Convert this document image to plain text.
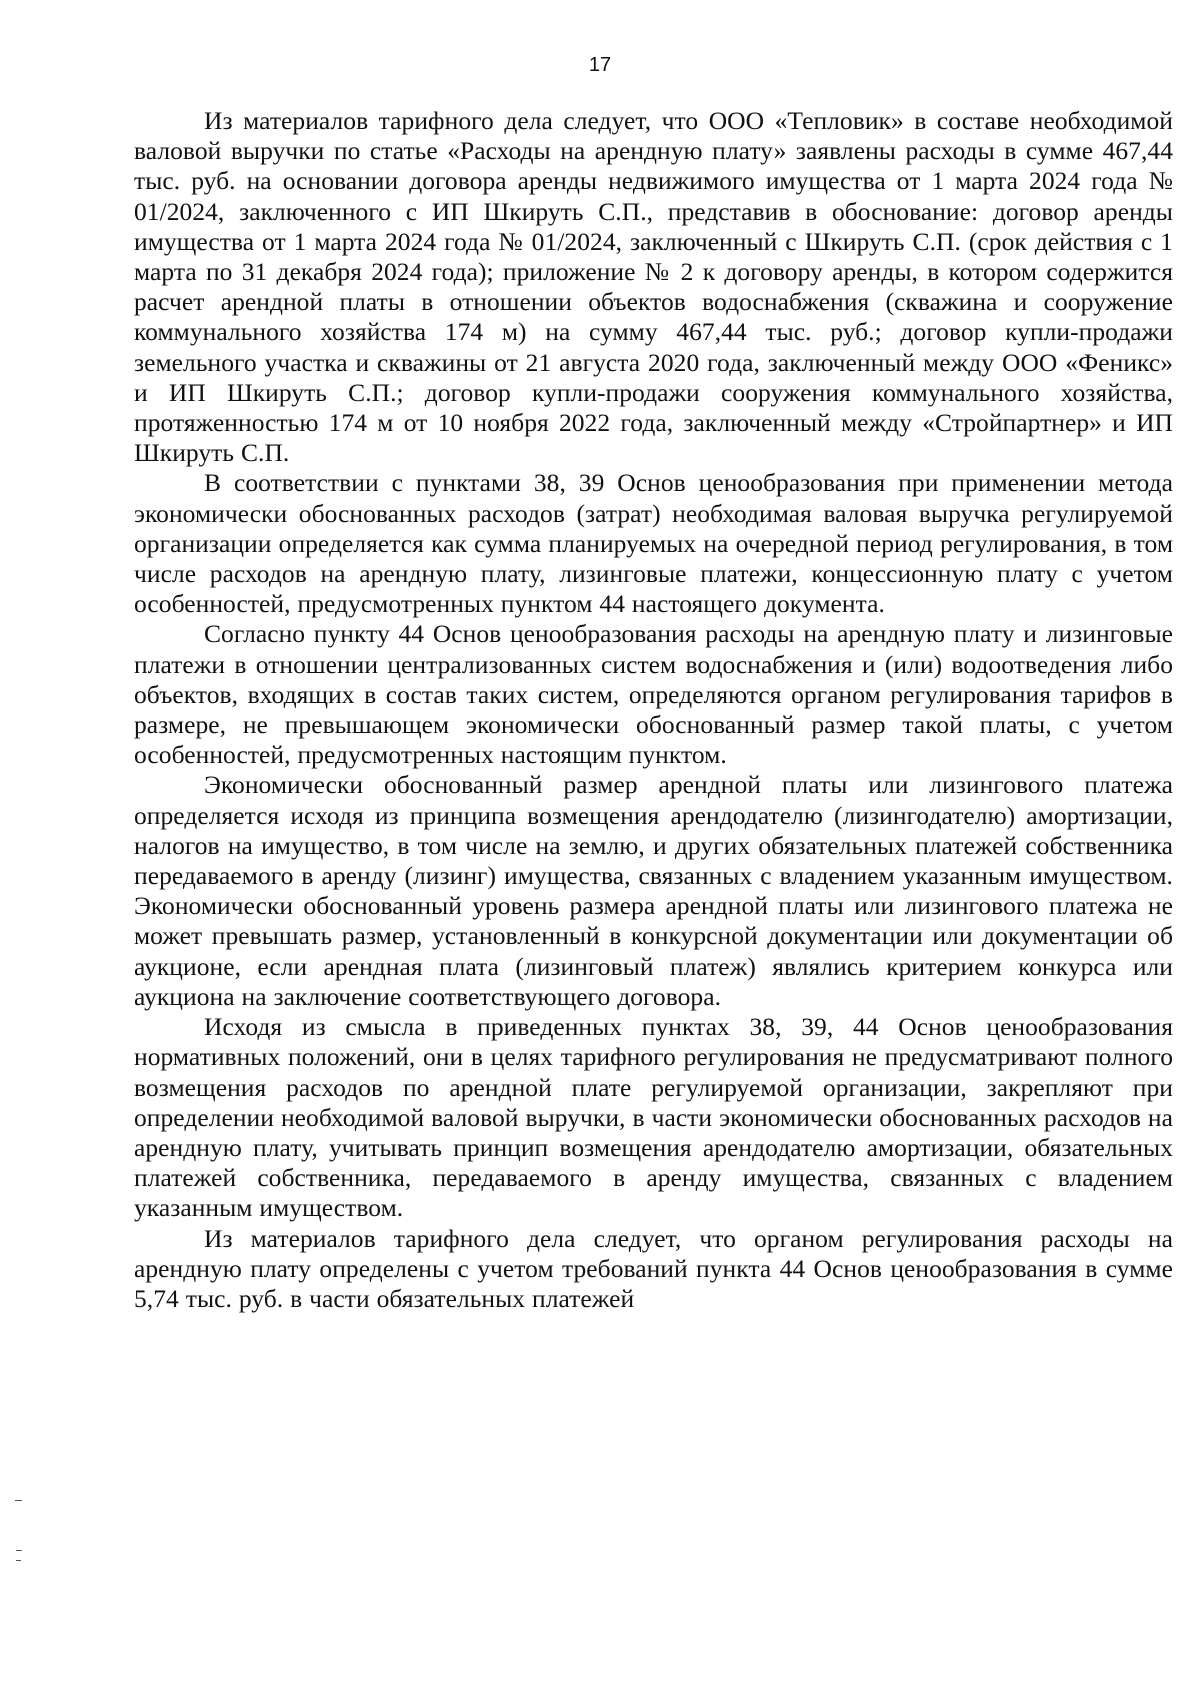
17

Из материалов тарифного дела следует, что ООО «Тепловик» в составе необходимой валовой выручки по статье «Расходы на арендную плату» заявлены расходы в сумме 467,44 тыс. руб. на основании договора аренды недвижимого имущества от 1 марта 2024 года № 01/2024, заключенного с ИП Шкируть С.П., представив в обоснование: договор аренды имущества от 1 марта 2024 года № 01/2024, заключенный с Шкируть С.П. (срок действия с 1 марта по 31 декабря 2024 года); приложение № 2 к договору аренды, в котором содержится расчет арендной платы в отношении объектов водоснабжения (скважина и сооружение коммунального хозяйства 174 м) на сумму 467,44 тыс. руб.; договор купли-продажи земельного участка и скважины от 21 августа 2020 года, заключенный между ООО «Феникс» и ИП Шкируть С.П.; договор купли-продажи сооружения коммунального хозяйства, протяженностью 174 м от 10 ноября 2022 года, заключенный между «Стройпартнер» и ИП Шкируть С.П.

В соответствии с пунктами 38, 39 Основ ценообразования при применении метода экономически обоснованных расходов (затрат) необходимая валовая выручка регулируемой организации определяется как сумма планируемых на очередной период регулирования, в том числе расходов на арендную плату, лизинговые платежи, концессионную плату с учетом особенностей, предусмотренных пунктом 44 настоящего документа.

Согласно пункту 44 Основ ценообразования расходы на арендную плату и лизинговые платежи в отношении централизованных систем водоснабжения и (или) водоотведения либо объектов, входящих в состав таких систем, определяются органом регулирования тарифов в размере, не превышающем экономически обоснованный размер такой платы, с учетом особенностей, предусмотренных настоящим пунктом.

Экономически обоснованный размер арендной платы или лизингового платежа определяется исходя из принципа возмещения арендодателю (лизингодателю) амортизации, налогов на имущество, в том числе на землю, и других обязательных платежей собственника передаваемого в аренду (лизинг) имущества, связанных с владением указанным имуществом. Экономически обоснованный уровень размера арендной платы или лизингового платежа не может превышать размер, установленный в конкурсной документации или документации об аукционе, если арендная плата (лизинговый платеж) являлись критерием конкурса или аукциона на заключение соответствующего договора.

Исходя из смысла в приведенных пунктах 38, 39, 44 Основ ценообразования нормативных положений, они в целях тарифного регулирования не предусматривают полного возмещения расходов по арендной плате регулируемой организации, закрепляют при определении необходимой валовой выручки, в части экономически обоснованных расходов на арендную плату, учитывать принцип возмещения арендодателю амортизации, обязательных платежей собственника, передаваемого в аренду имущества, связанных с владением указанным имуществом.

Из материалов тарифного дела следует, что органом регулирования расходы на арендную плату определены с учетом требований пункта 44 Основ ценообразования в сумме 5,74 тыс. руб. в части обязательных платежей
